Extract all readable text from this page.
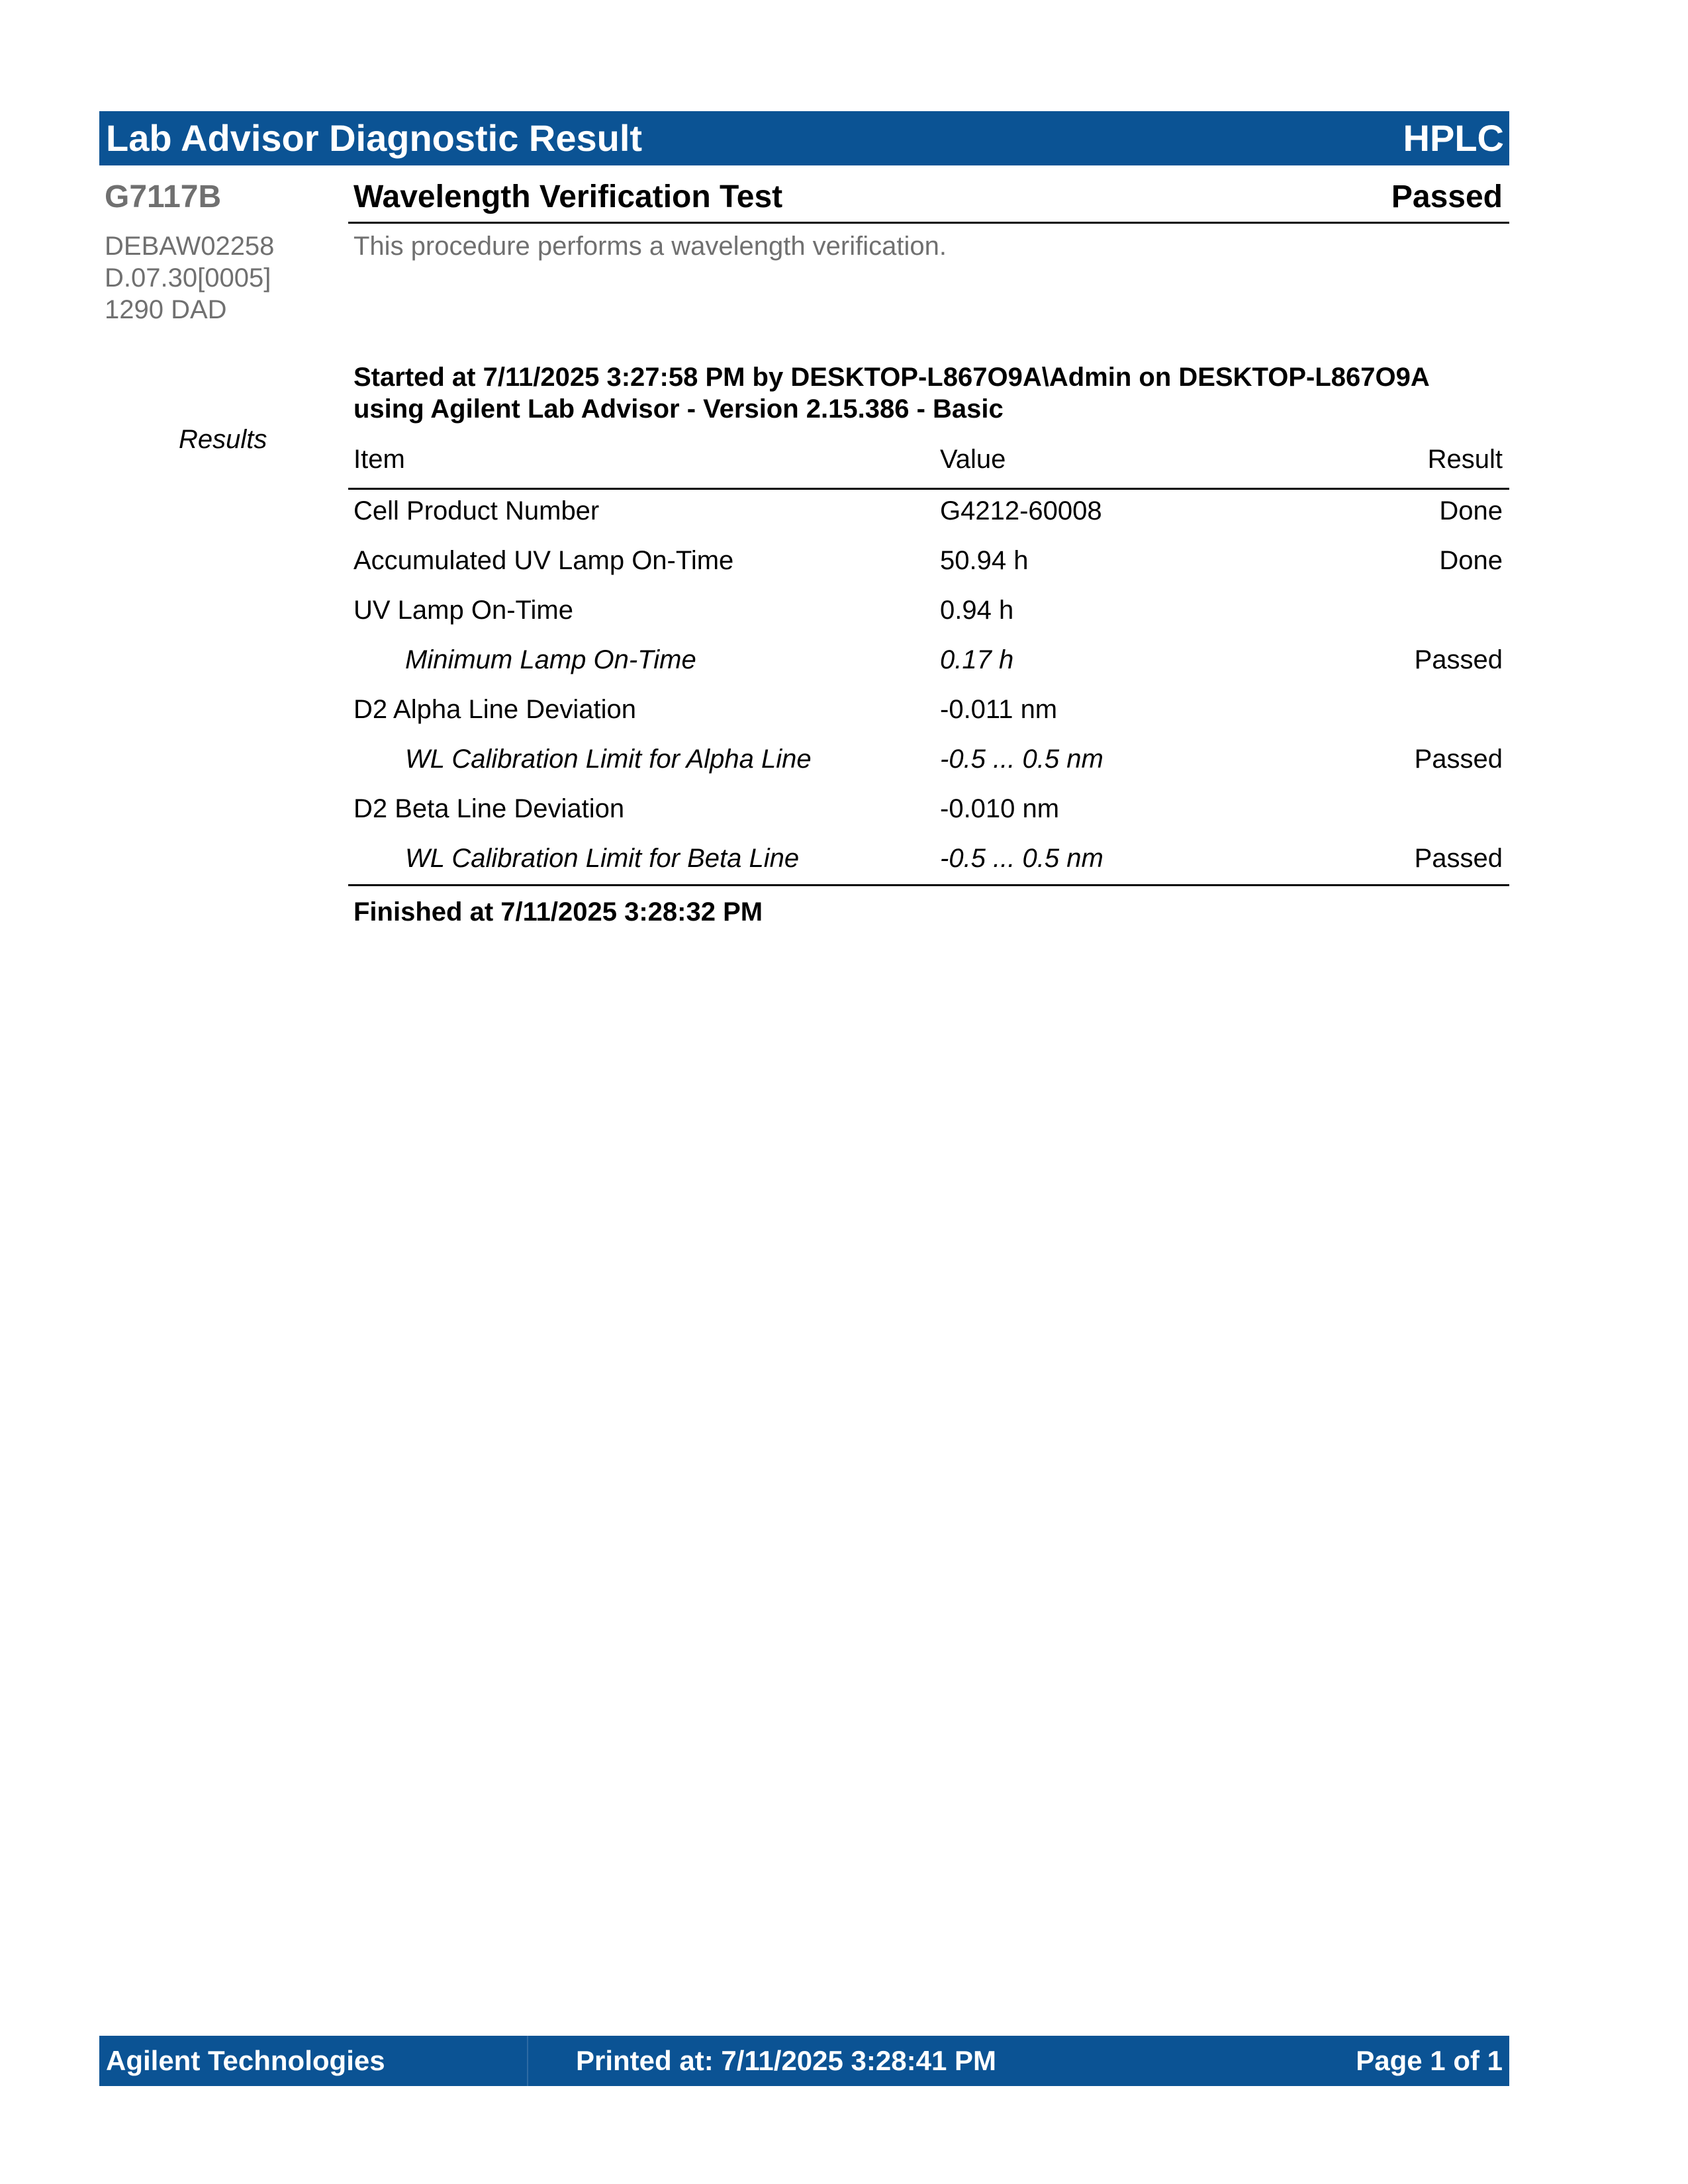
Lab Advisor Diagnostic Result	HPLC
G7117B	Wavelength Verification Test	Passed
DEBAW02258
D.07.30[0005]
1290 DAD
This procedure performs a wavelength verification.
Started at 7/11/2025 3:27:58 PM by DESKTOP-L867O9A\Admin on DESKTOP-L867O9A
using Agilent Lab Advisor - Version 2.15.386 - Basic
Results
Item	Value	Result
Cell Product Number	G4212-60008	Done
Accumulated UV Lamp On-Time	50.94 h	Done
UV Lamp On-Time	0.94 h
Minimum Lamp On-Time	0.17 h	Passed
D2 Alpha Line Deviation	-0.011 nm
WL Calibration Limit for Alpha Line	-0.5 ... 0.5 nm	Passed
D2 Beta Line Deviation	-0.010 nm
WL Calibration Limit for Beta Line	-0.5 ... 0.5 nm	Passed
Finished at 7/11/2025 3:28:32 PM
Agilent Technologies	Printed at: 7/11/2025 3:28:41 PM	Page 1 of 1
